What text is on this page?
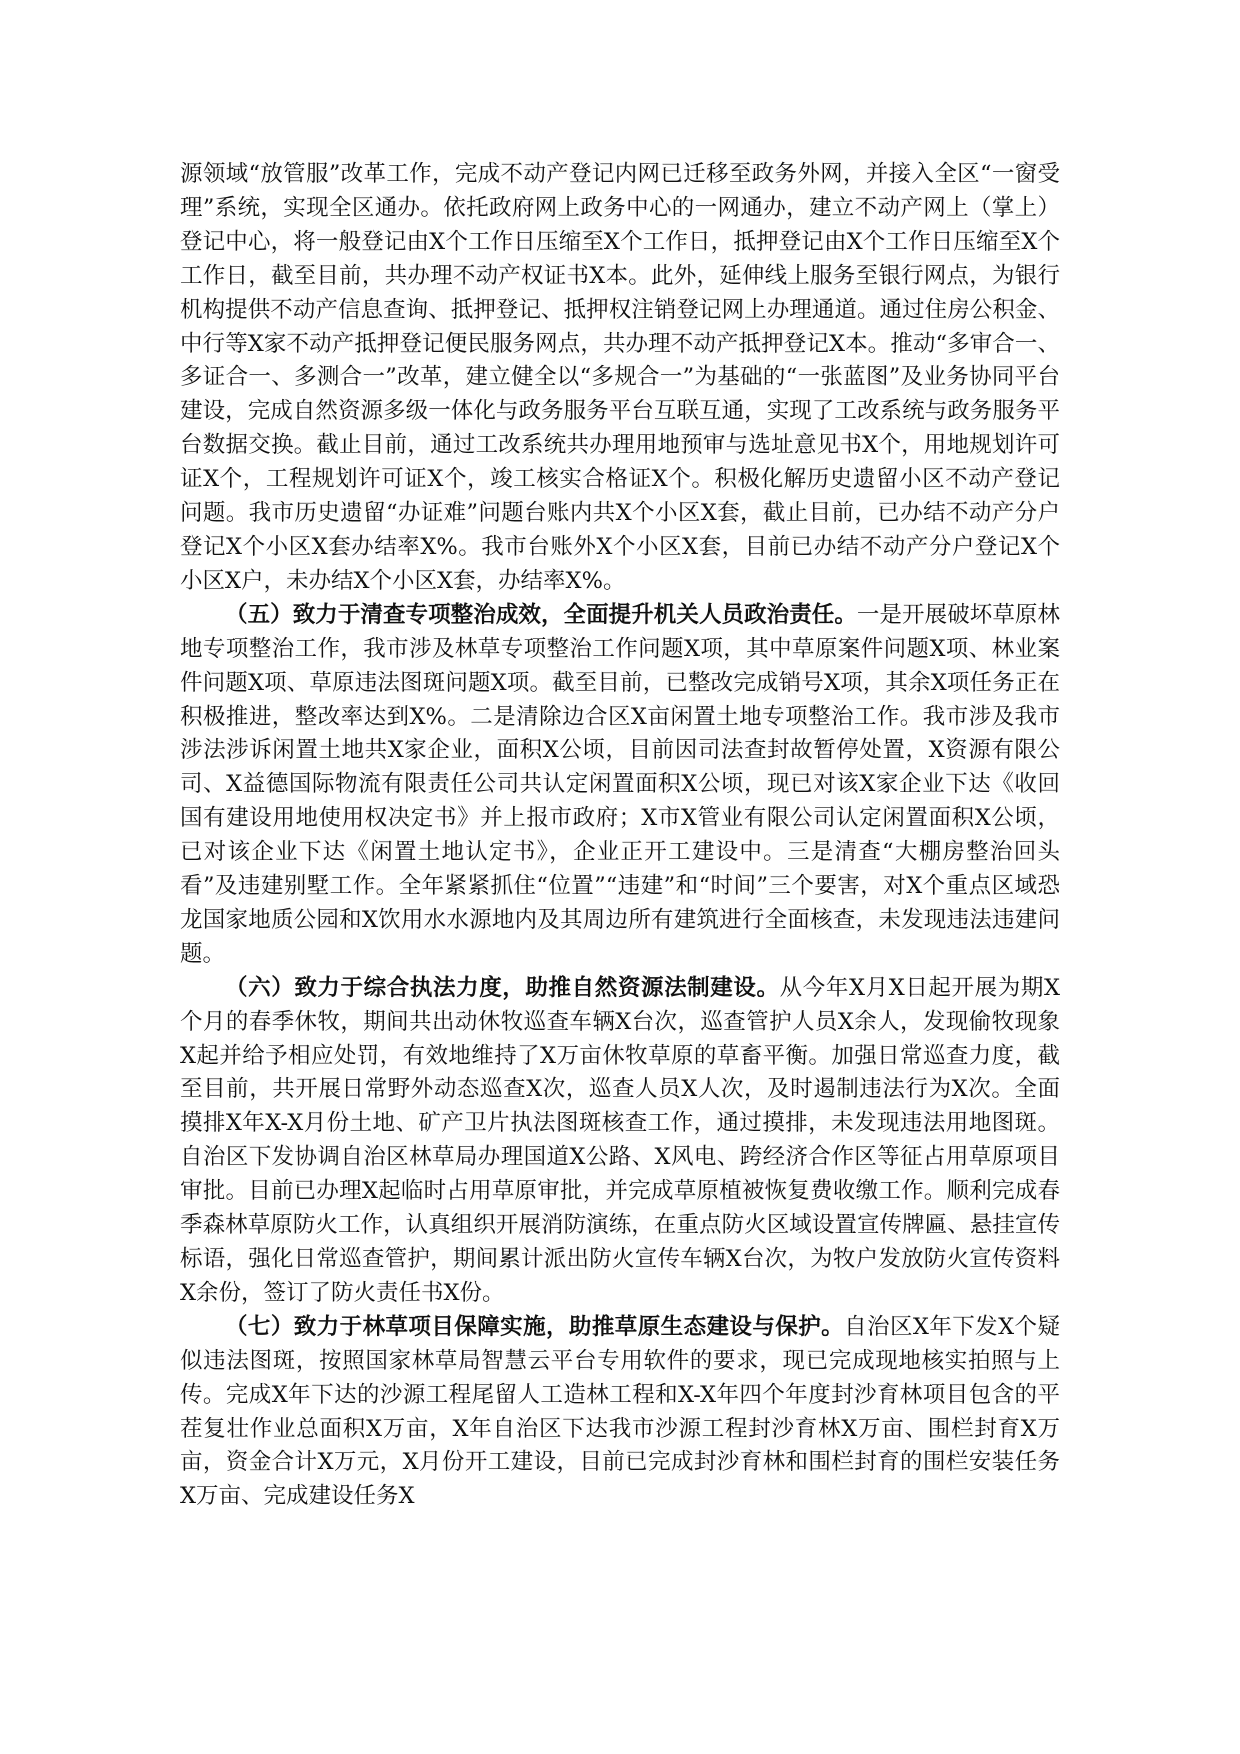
源领域“放管服”改革工作，完成不动产登记内网已迁移至政务外网，并接入全区“一窗受理”系统，实现全区通办。依托政府网上政务中心的一网通办，建立不动产网上（掌上）登记中心，将一般登记由X个工作日压缩至X个工作日，抵押登记由X个工作日压缩至X个工作日，截至目前，共办理不动产权证书X本。此外，延伸线上服务至银行网点，为银行机构提供不动产信息查询、抵押登记、抵押权注销登记网上办理通道。通过住房公积金、中行等X家不动产抵押登记便民服务网点，共办理不动产抵押登记X本。推动“多审合一、多证合一、多测合一”改革，建立健全以“多规合一”为基础的“一张蓝图”及业务协同平台建设，完成自然资源多级一体化与政务服务平台互联互通，实现了工改系统与政务服务平台数据交换。截止目前，通过工改系统共办理用地预审与选址意见书X个，用地规划许可证X个，工程规划许可证X个，竣工核实合格证X个。积极化解历史遗留小区不动产登记问题。我市历史遗留“办证难”问题台账内共X个小区X套，截止目前，已办结不动产分户登记X个小区X套办结率X%。我市台账外X个小区X套，目前已办结不动产分户登记X个小区X户，未办结X个小区X套，办结率X%。

（五）致力于清查专项整治成效，全面提升机关人员政治责任。一是开展破坏草原林地专项整治工作，我市涉及林草专项整治工作问题X项，其中草原案件问题X项、林业案件问题X项、草原违法图斑问题X项。截至目前，已整改完成销号X项，其余X项任务正在积极推进，整改率达到X%。二是清除边合区X亩闲置土地专项整治工作。我市涉及我市涉法涉诉闲置土地共X家企业，面积X公顷，目前因司法查封故暂停处置，X资源有限公司、X益德国际物流有限责任公司共认定闲置面积X公顷，现已对该X家企业下达《收回国有建设用地使用权决定书》并上报市政府；X市X管业有限公司认定闲置面积X公顷，已对该企业下达《闲置土地认定书》，企业正开工建设中。三是清查“大棚房整治回头看”及违建别墅工作。全年紧紧抓住“位置”“违建”和“时间”三个要害，对X个重点区域恐龙国家地质公园和X饮用水水源地内及其周边所有建筑进行全面核查，未发现违法违建问题。

（六）致力于综合执法力度，助推自然资源法制建设。从今年X月X日起开展为期X个月的春季休牧，期间共出动休牧巡查车辆X台次，巡查管护人员X余人，发现偷牧现象X起并给予相应处罚，有效地维持了X万亩休牧草原的草畜平衡。加强日常巡查力度，截至目前，共开展日常野外动态巡查X次，巡查人员X人次，及时遏制违法行为X次。全面摸排X年X-X月份土地、矿产卫片执法图斑核查工作，通过摸排，未发现违法用地图斑。自治区下发协调自治区林草局办理国道X公路、X风电、跨经济合作区等征占用草原项目审批。目前已办理X起临时占用草原审批，并完成草原植被恢复费收缴工作。顺利完成春季森林草原防火工作，认真组织开展消防演练，在重点防火区域设置宣传牌匾、悬挂宣传标语，强化日常巡查管护，期间累计派出防火宣传车辆X台次，为牧户发放防火宣传资料X余份，签订了防火责任书X份。

（七）致力于林草项目保障实施，助推草原生态建设与保护。自治区X年下发X个疑似违法图斑，按照国家林草局智慧云平台专用软件的要求，现已完成现地核实拍照与上传。完成X年下达的沙源工程尾留人工造林工程和X-X年四个年度封沙育林项目包含的平茬复壮作业总面积X万亩，X年自治区下达我市沙源工程封沙育林X万亩、围栏封育X万亩，资金合计X万元，X月份开工建设，目前已完成封沙育林和围栏封育的围栏安装任务X万亩、完成建设任务X
